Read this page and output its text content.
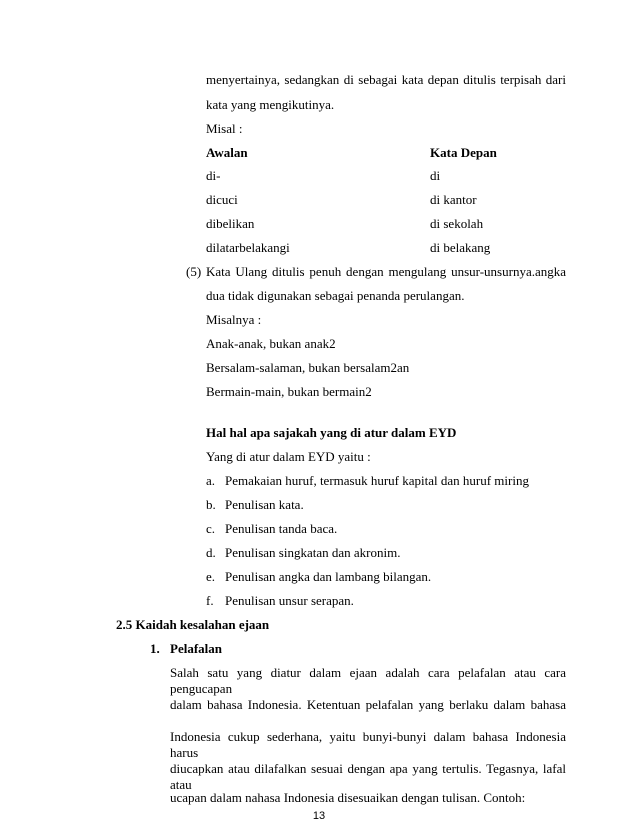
menyertainya, sedangkan di sebagai kata depan ditulis terpisah dari
kata yang mengikutinya.
Misal :
Awalan	Kata Depan
di-	di
dicuci	di kantor
dibelikan	di sekolah
dilatarbelakangi	di belakang
(5) Kata Ulang ditulis penuh dengan mengulang unsur-unsurnya.angka
dua tidak digunakan sebagai penanda perulangan.
Misalnya :
Anak-anak, bukan anak2
Bersalam-salaman, bukan bersalam2an
Bermain-main, bukan bermain2
Hal hal apa sajakah yang di atur dalam EYD
Yang di atur dalam EYD yaitu :
a. Pemakaian huruf, termasuk huruf kapital dan huruf miring
b. Penulisan kata.
c. Penulisan tanda baca.
d. Penulisan singkatan dan akronim.
e. Penulisan angka dan lambang bilangan.
f. Penulisan unsur serapan.
2.5 Kaidah kesalahan ejaan
1. Pelafalan
Salah satu yang diatur dalam ejaan adalah cara pelafalan atau cara pengucapan
dalam bahasa Indonesia. Ketentuan pelafalan yang berlaku dalam bahasa
Indonesia cukup sederhana, yaitu bunyi-bunyi dalam bahasa Indonesia harus
diucapkan atau dilafalkan sesuai dengan apa yang tertulis. Tegasnya, lafal atau
ucapan dalam nahasa Indonesia disesuaikan dengan tulisan. Contoh:
13
